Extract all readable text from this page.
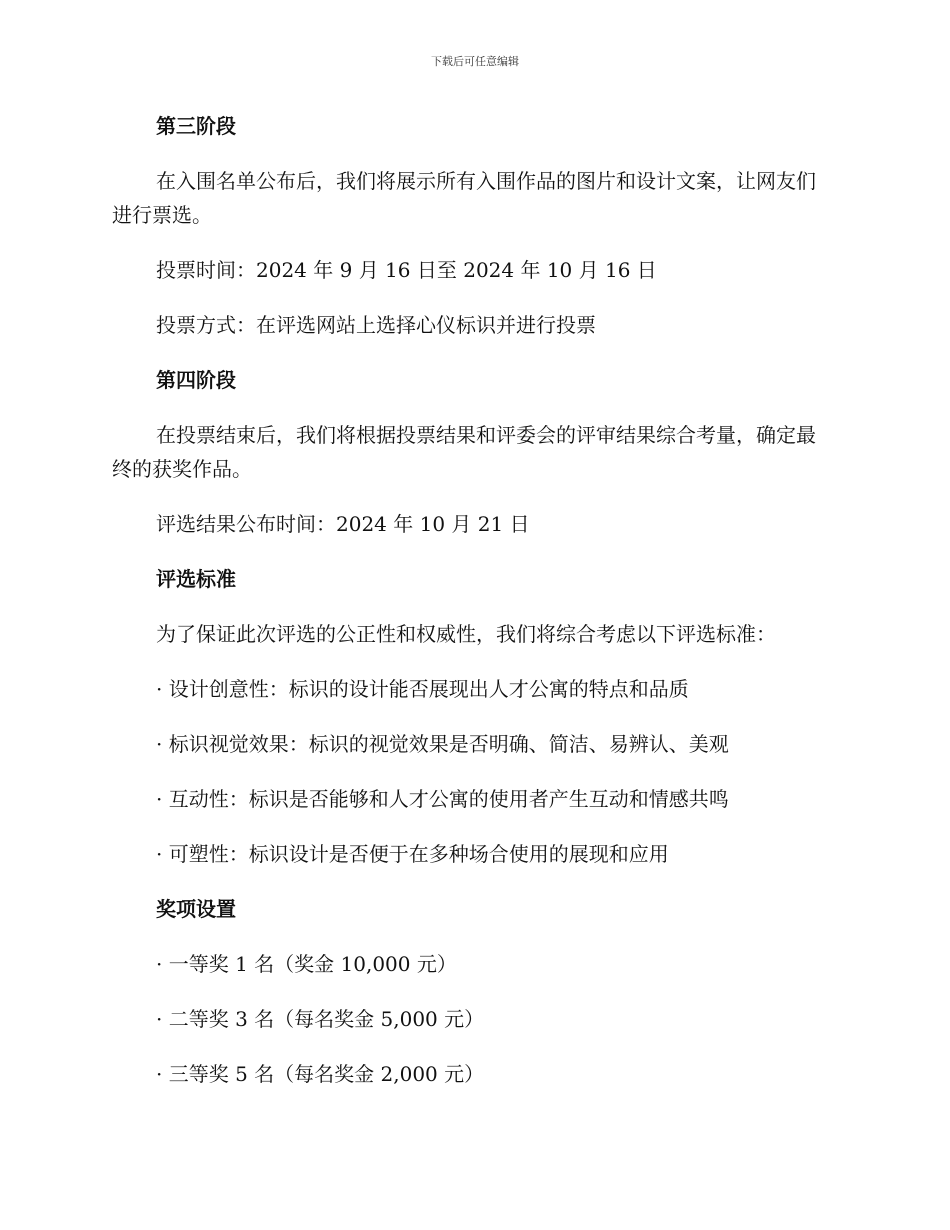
下载后可任意编辑
第三阶段
在入围名单公布后，我们将展示所有入围作品的图片和设计文案，让网友们进行票选。
投票时间：2024 年 9 月 16 日至 2024 年 10 月 16 日
投票方式：在评选网站上选择心仪标识并进行投票
第四阶段
在投票结束后，我们将根据投票结果和评委会的评审结果综合考量，确定最终的获奖作品。
评选结果公布时间：2024 年 10 月 21 日
评选标准
为了保证此次评选的公正性和权威性，我们将综合考虑以下评选标准：
· 设计创意性：标识的设计能否展现出人才公寓的特点和品质
· 标识视觉效果：标识的视觉效果是否明确、简洁、易辨认、美观
· 互动性：标识是否能够和人才公寓的使用者产生互动和情感共鸣
· 可塑性：标识设计是否便于在多种场合使用的展现和应用
奖项设置
· 一等奖 1 名（奖金 10,000 元）
· 二等奖 3 名（每名奖金 5,000 元）
· 三等奖 5 名（每名奖金 2,000 元）
